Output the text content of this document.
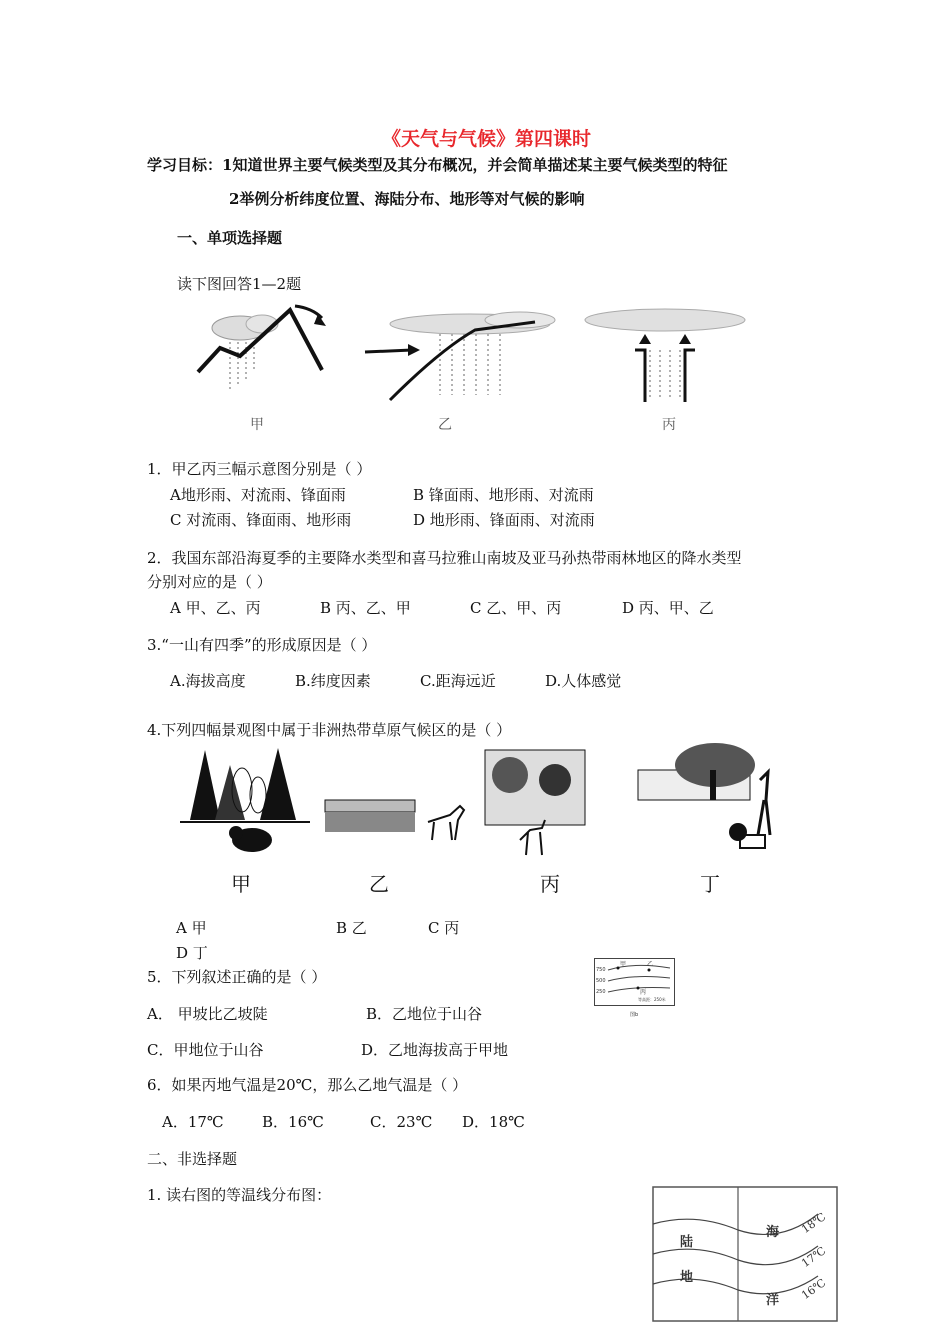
《天气与气候》第四课时
学习目标：1知道世界主要气候类型及其分布概况，并会简单描述某主要气候类型的特征
2举例分析纬度位置、海陆分布、地形等对气候的影响
一、单项选择题
读下图回答1—2题
甲	乙	丙
1．甲乙丙三幅示意图分别是（ ）
A地形雨、对流雨、锋面雨	B 锋面雨、地形雨、对流雨
C 对流雨、锋面雨、地形雨	D 地形雨、锋面雨、对流雨
2．我国东部沿海夏季的主要降水类型和喜马拉雅山南坡及亚马孙热带雨林地区的降水类型
分别对应的是（ ）
A 甲、乙、丙	B 丙、乙、甲	C 乙、甲、丙	D 丙、甲、乙
3.“一山有四季”的形成原因是（ ）
A.海拔高度	B.纬度因素	C.距海远近	D.人体感觉
4.下列四幅景观图中属于非洲热带草原气候区的是（ ）
甲	乙	丙	丁
A 甲	B 乙	C 丙
D 丁
5．下列叙述正确的是（ ）	750
500
250
甲	乙
丙
等高距：250米
图b
A． 甲坡比乙坡陡	B．乙地位于山谷
C．甲地位于山谷	D．乙地海拔高于甲地
6．如果丙地气温是20℃，那么乙地气温是（ ）
A．17℃	B．16℃	C．23℃ D．18℃
二、非选择题
1. 读右图的等温线分布图：
陆
地
海
洋
18℃
17℃
16℃
